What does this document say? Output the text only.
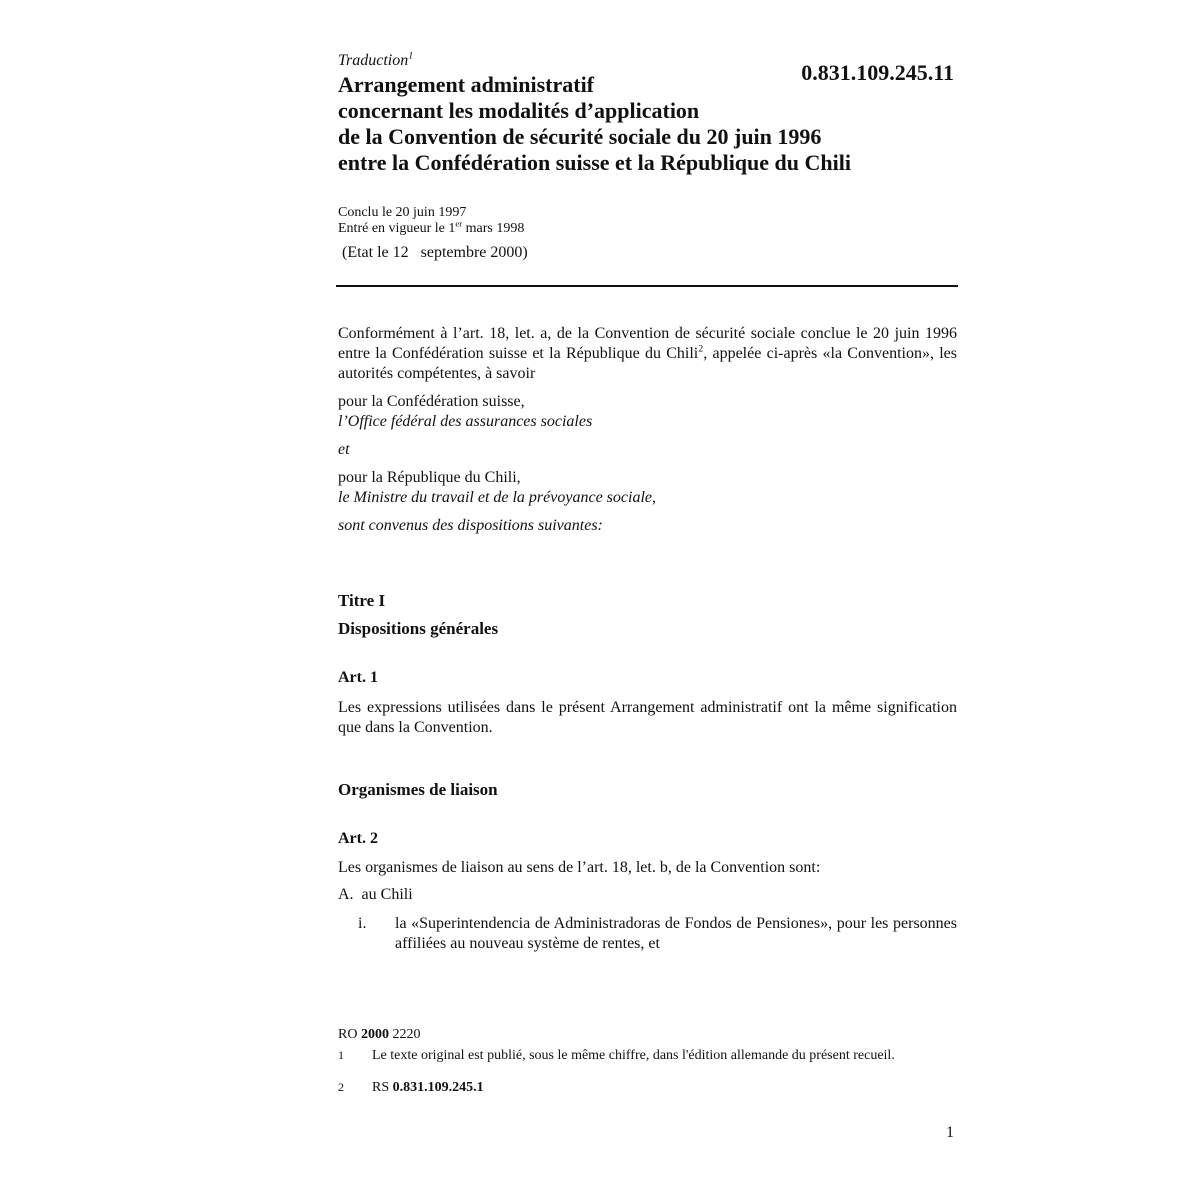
Traduction$^1$
0.831.109.245.11
Arrangement administratif
concernant les modalités d’application
de la Convention de sécurité sociale du 20 juin 1996
entre la Confédération suisse et la République du Chili
Conclu le 20 juin 1997
Entré en vigueur le 1er mars 1998
(Etat le 12   septembre 2000)
Conformément à l’art. 18, let. a, de la Convention de sécurité sociale conclue le 20 juin 1996 entre la Confédération suisse et la République du Chili$^2$, appelée ci-après «la Convention», les autorités compétentes, à savoir
pour la Confédération suisse,
l’Office fédéral des assurances sociales
et
pour la République du Chili,
le Ministre du travail et de la prévoyance sociale,
sont convenus des dispositions suivantes:
Titre I
Dispositions générales
Art. 1
Les expressions utilisées dans le présent Arrangement administratif ont la même signification que dans la Convention.
Organismes de liaison
Art. 2
Les organismes de liaison au sens de l’art. 18, let. b, de la Convention sont:
A.  au Chili
i.	la «Superintendencia de Administradoras de Fondos de Pensiones», pour les personnes affiliées au nouveau système de rentes, et
RO 2000 2220
1 Le texte original est publié, sous le même chiffre, dans l'édition allemande du présent recueil.
2 RS 0.831.109.245.1
1
